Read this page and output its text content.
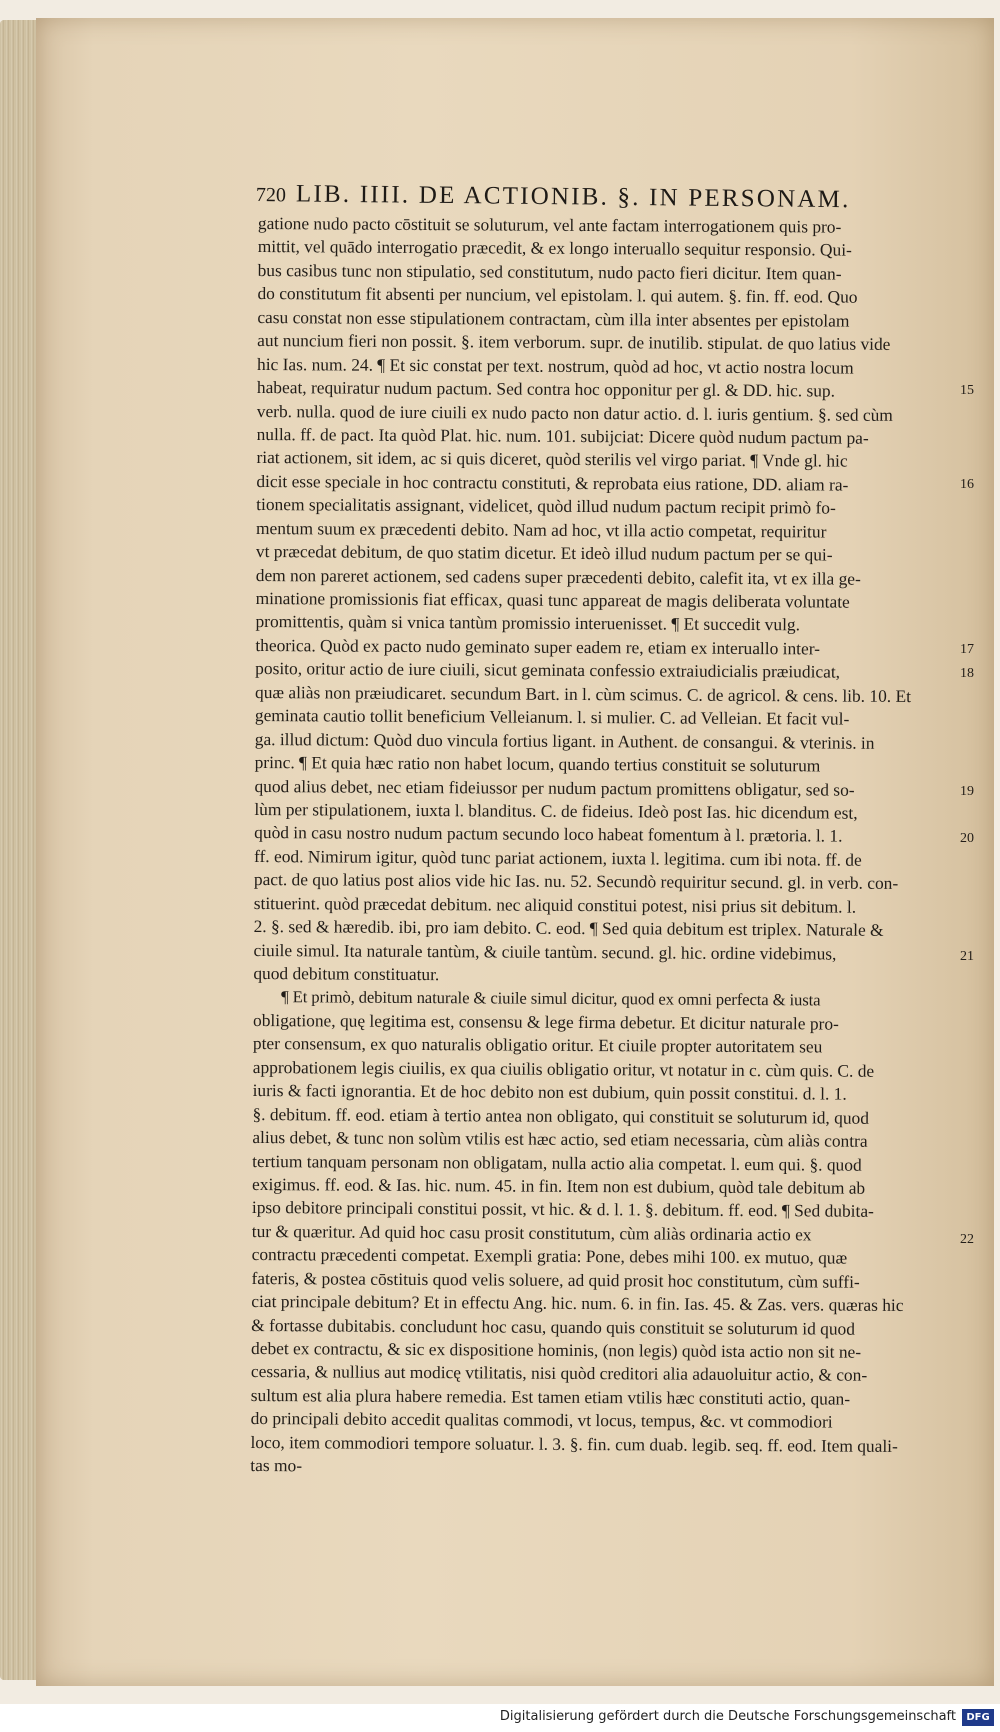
720 LIB. IIII. DE ACTIONIB. §. IN PERSONAM.
gatione nudo pacto cōstituit se soluturum, vel ante factam interrogationem quis pro-
mittit, vel quādo interrogatio præcedit, & ex longo interuallo sequitur responsio. Qui-
bus casibus tunc non stipulatio, sed constitutum, nudo pacto fieri dicitur. Item quan-
do constitutum fit absenti per nuncium, vel epistolam. l. qui autem. §. fin. ff. eod. Quo
casu constat non esse stipulationem contractam, cùm illa inter absentes per epistolam
aut nuncium fieri non possit. §. item verborum. supr. de inutilib. stipulat. de quo latius vide
hic Ias. num. 24. ¶ Et sic constat per text. nostrum, quòd ad hoc, vt actio nostra locum
habeat, requiratur nudum pactum. Sed contra hoc opponitur per gl. & DD. hic. sup.
verb. nulla. quod de iure ciuili ex nudo pacto non datur actio. d. l. iuris gentium. §. sed cùm
nulla. ff. de pact. Ita quòd Plat. hic. num. 101. subijciat: Dicere quòd nudum pactum pa-
riat actionem, sit idem, ac si quis diceret, quòd sterilis vel virgo pariat. ¶ Vnde gl. hic
dicit esse speciale in hoc contractu constituti, & reprobata eius ratione, DD. aliam ra-
tionem specialitatis assignant, videlicet, quòd illud nudum pactum recipit primò fo-
mentum suum ex præcedenti debito. Nam ad hoc, vt illa actio competat, requiritur
vt præcedat debitum, de quo statim dicetur. Et ideò illud nudum pactum per se qui-
dem non pareret actionem, sed cadens super præcedenti debito, calefit ita, vt ex illa ge-
minatione promissionis fiat efficax, quasi tunc appareat de magis deliberata voluntate
promittentis, quàm si vnica tantùm promissio interuenisset. ¶ Et succedit vulg.
theorica. Quòd ex pacto nudo geminato super eadem re, etiam ex interuallo inter-
posito, oritur actio de iure ciuili, sicut geminata confessio extraiudicialis præiudicat,
quæ aliàs non præiudicaret. secundum Bart. in l. cùm scimus. C. de agricol. & cens. lib. 10. Et
geminata cautio tollit beneficium Velleianum. l. si mulier. C. ad Velleian. Et facit vul-
ga. illud dictum: Quòd duo vincula fortius ligant. in Authent. de consangui. & vterinis. in
princ. ¶ Et quia hæc ratio non habet locum, quando tertius constituit se soluturum
quod alius debet, nec etiam fideiussor per nudum pactum promittens obligatur, sed so-
lùm per stipulationem, iuxta l. blanditus. C. de fideius. Ideò post Ias. hic dicendum est,
quòd in casu nostro nudum pactum secundo loco habeat fomentum à l. prætoria. l. 1.
ff. eod. Nimirum igitur, quòd tunc pariat actionem, iuxta l. legitima. cum ibi nota. ff. de
pact. de quo latius post alios vide hic Ias. nu. 52. Secundò requiritur secund. gl. in verb. con-
stituerint. quòd præcedat debitum. nec aliquid constitui potest, nisi prius sit debitum. l.
2. §. sed & hæredib. ibi, pro iam debito. C. eod. ¶ Sed quia debitum est triplex. Naturale &
ciuile simul. Ita naturale tantùm, & ciuile tantùm. secund. gl. hic. ordine videbimus,
quod debitum constituatur.
¶ Et primò, debitum naturale & ciuile simul dicitur, quod ex omni perfecta & iusta
obligatione, quę legitima est, consensu & lege firma debetur. Et dicitur naturale pro-
pter consensum, ex quo naturalis obligatio oritur. Et ciuile propter autoritatem seu
approbationem legis ciuilis, ex qua ciuilis obligatio oritur, vt notatur in c. cùm quis. C. de
iuris & facti ignorantia. Et de hoc debito non est dubium, quin possit constitui. d. l. 1.
§. debitum. ff. eod. etiam à tertio antea non obligato, qui constituit se soluturum id, quod
alius debet, & tunc non solùm vtilis est hæc actio, sed etiam necessaria, cùm aliàs contra
tertium tanquam personam non obligatam, nulla actio alia competat. l. eum qui. §. quod
exigimus. ff. eod. & Ias. hic. num. 45. in fin. Item non est dubium, quòd tale debitum ab
ipso debitore principali constitui possit, vt hic. & d. l. 1. §. debitum. ff. eod. ¶ Sed dubita-
tur & quæritur. Ad quid hoc casu prosit constitutum, cùm aliàs ordinaria actio ex
contractu præcedenti competat. Exempli gratia: Pone, debes mihi 100. ex mutuo, quæ
fateris, & postea cōstituis quod velis soluere, ad quid prosit hoc constitutum, cùm suffi-
ciat principale debitum? Et in effectu Ang. hic. num. 6. in fin. Ias. 45. & Zas. vers. quæras hic
& fortasse dubitabis. concludunt hoc casu, quando quis constituit se soluturum id quod
debet ex contractu, & sic ex dispositione hominis, (non legis) quòd ista actio non sit ne-
cessaria, & nullius aut modicę vtilitatis, nisi quòd creditori alia adauoluitur actio, & con-
sultum est alia plura habere remedia. Est tamen etiam vtilis hæc constituti actio, quan-
do principali debito accedit qualitas commodi, vt locus, tempus, &c. vt commodiori
loco, item commodiori tempore soluatur. l. 3. §. fin. cum duab. legib. seq. ff. eod. Item quali-
tas mo-
15
16
17
18
19
20
21
22
Digitalisierung gefördert durch die Deutsche Forschungsgemeinschaft	DFG
